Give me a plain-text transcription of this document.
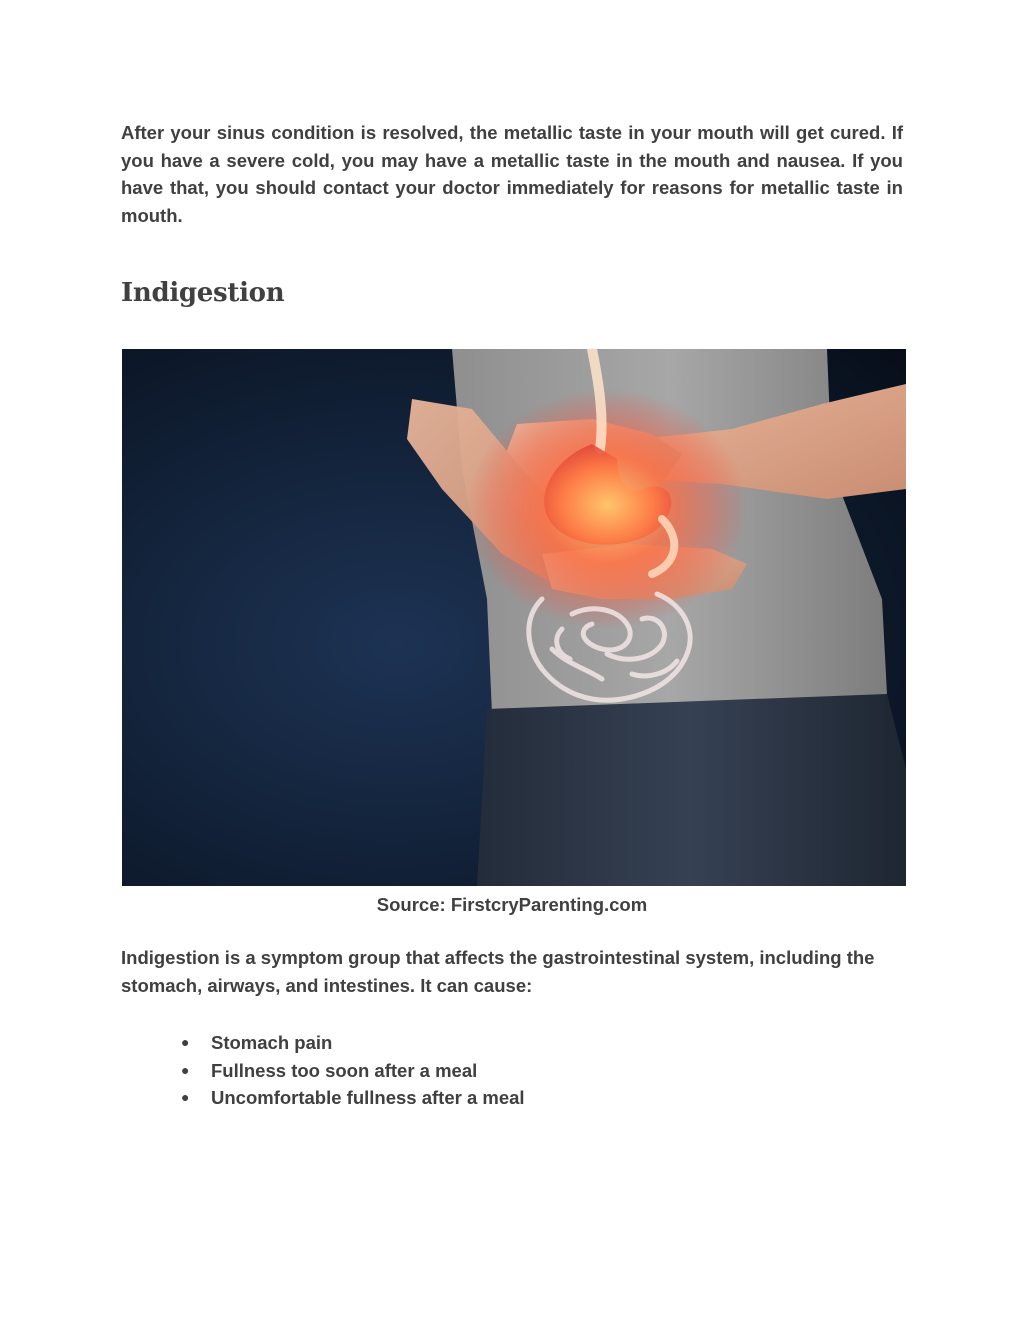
After your sinus condition is resolved, the metallic taste in your mouth will get cured. If you have a severe cold, you may have a metallic taste in the mouth and nausea. If you have that, you should contact your doctor immediately for reasons for metallic taste in mouth.

Indigestion

Source: FirstcryParenting.com

Indigestion is a symptom group that affects the gastrointestinal system, including the stomach, airways, and intestines. It can cause:

● Stomach pain
● Fullness too soon after a meal
● Uncomfortable fullness after a meal
